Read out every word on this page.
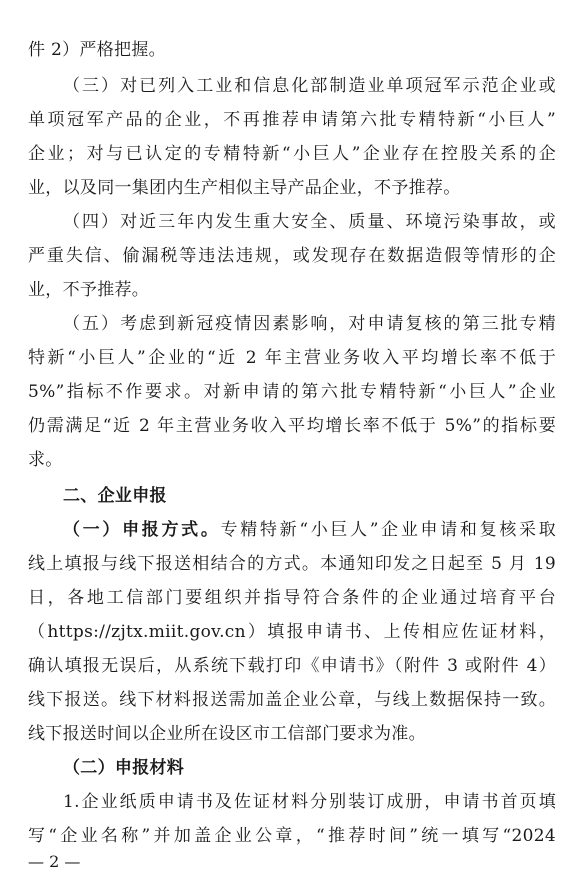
件 2）严格把握。
（三）对已列入工业和信息化部制造业单项冠军示范企业或
单项冠军产品的企业，不再推荐申请第六批专精特新“小巨人”
企业；对与已认定的专精特新“小巨人”企业存在控股关系的企
业，以及同一集团内生产相似主导产品企业，不予推荐。
（四）对近三年内发生重大安全、质量、环境污染事故，或
严重失信、偷漏税等违法违规，或发现存在数据造假等情形的企
业，不予推荐。
（五）考虑到新冠疫情因素影响，对申请复核的第三批专精
特新“小巨人”企业的“近 2 年主营业务收入平均增长率不低于
5%”指标不作要求。对新申请的第六批专精特新“小巨人”企业
仍需满足“近 2 年主营业务收入平均增长率不低于 5%”的指标要
求。
二、企业申报
（一）申报方式。专精特新“小巨人”企业申请和复核采取
线上填报与线下报送相结合的方式。本通知印发之日起至 5 月 19
日，各地工信部门要组织并指导符合条件的企业通过培育平台
（https://zjtx.miit.gov.cn）填报申请书、上传相应佐证材料，
确认填报无误后，从系统下载打印《申请书》（附件 3 或附件 4）
线下报送。线下材料报送需加盖企业公章，与线上数据保持一致。
线下报送时间以企业所在设区市工信部门要求为准。
（二）申报材料
1.企业纸质申请书及佐证材料分别装订成册，申请书首页填
写“企业名称”并加盖企业公章，“推荐时间”统一填写“2024
— 2 —
